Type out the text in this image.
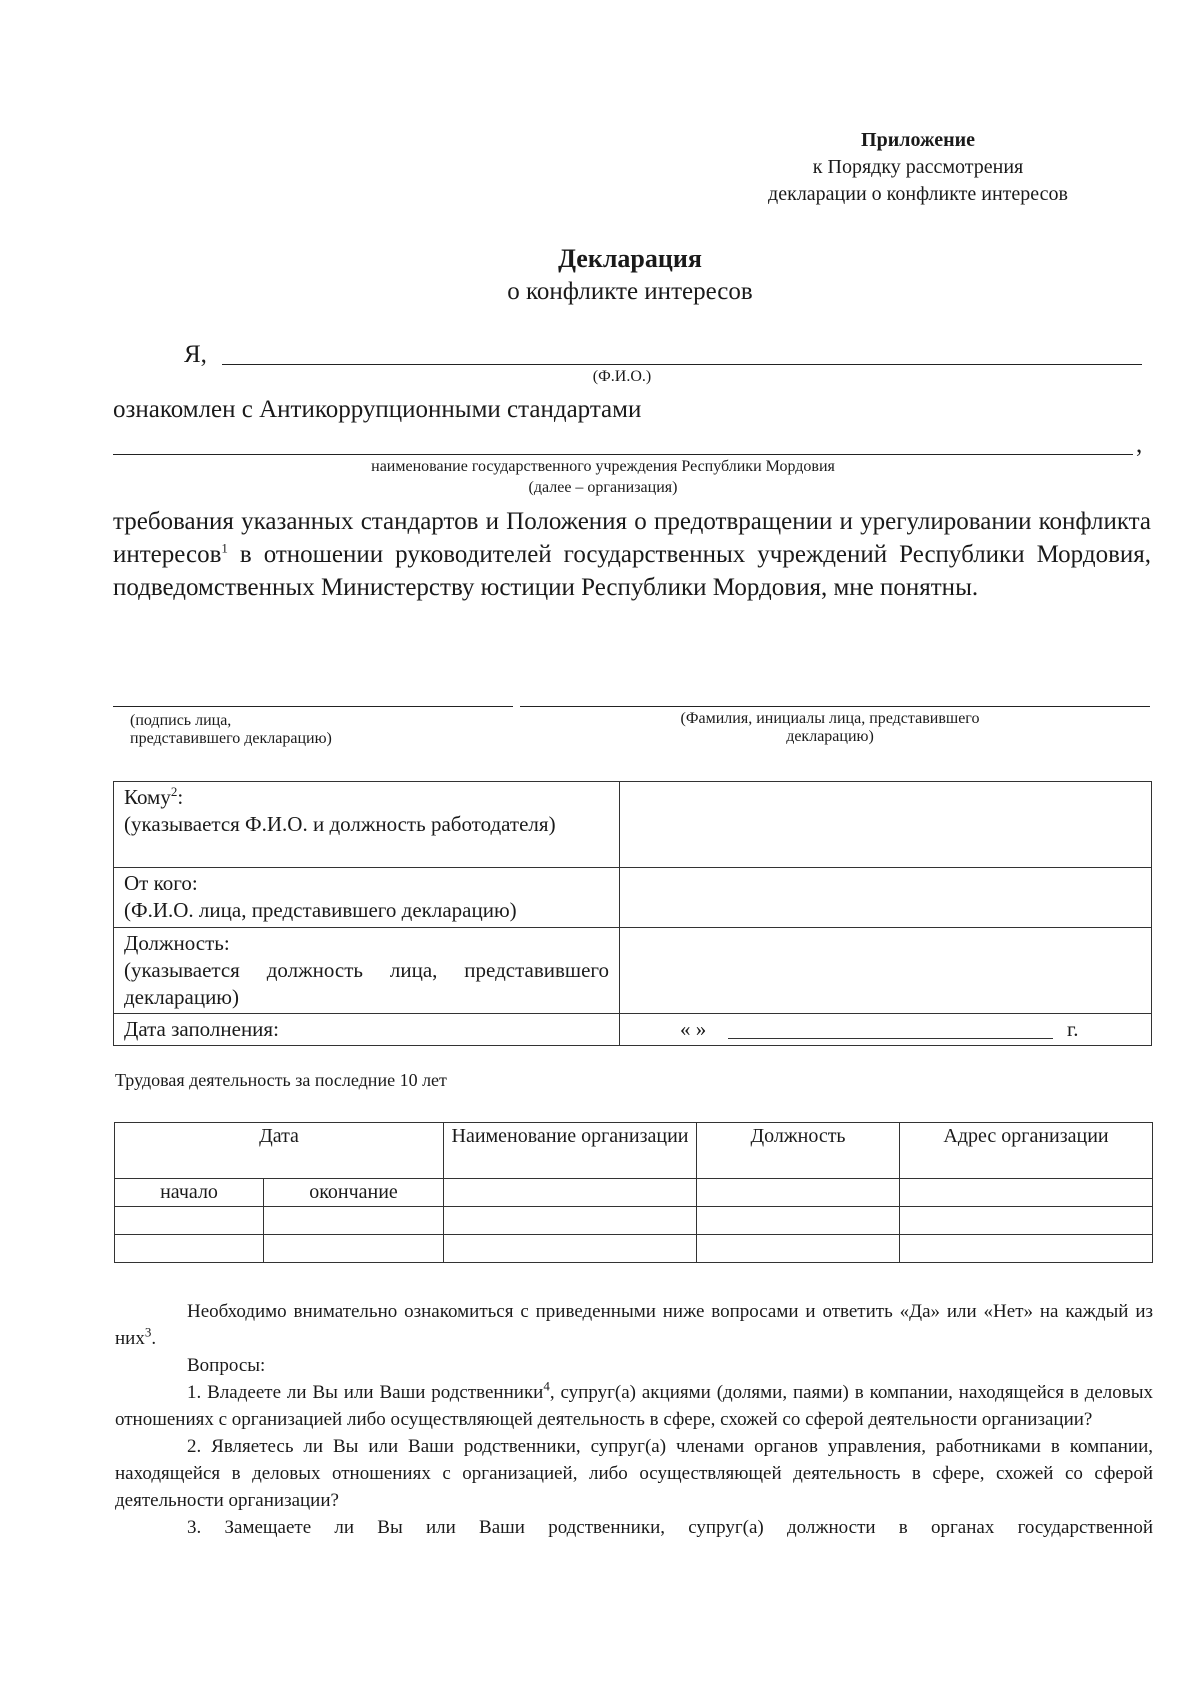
Приложение
к Порядку рассмотрения
декларации о конфликте интересов
Декларация
о конфликте интересов
Я,
(Ф.И.О.)
ознакомлен с Антикоррупционными стандартами
,
наименование государственного учреждения Республики Мордовия
(далее – организация)
требования указанных стандартов и Положения о предотвращении и урегулировании конфликта интересов$^1$ в отношении руководителей государственных учреждений Республики Мордовия, подведомственных Министерству юстиции Республики Мордовия, мне понятны.
(подпись лица,
представившего декларацию)
(Фамилия, инициалы лица, представившего
декларацию)
Кому$^2$:
(указывается Ф.И.О. и должность работодателя)	
От кого:
(Ф.И.О. лица, представившего декларацию)	
Должность:
(указывается должность лица, представившего декларацию)	
Дата заполнения:	« » г.
Трудовая деятельность за последние 10 лет
Дата		Наименование организации	Должность	Адрес организации
начало	окончание			

Необходимо внимательно ознакомиться с приведенными ниже вопросами и ответить «Да» или «Нет» на каждый из них$^3$.

Вопросы:

1. Владеете ли Вы или Ваши родственники$^4$, супруг(а) акциями (долями, паями) в компании, находящейся в деловых отношениях с организацией либо осуществляющей деятельность в сфере, схожей со сферой деятельности организации?

2. Являетесь ли Вы или Ваши родственники, супруг(а) членами органов управления, работниками в компании, находящейся в деловых отношениях с организацией, либо осуществляющей деятельность в сфере, схожей со сферой деятельности организации?

3. Замещаете ли Вы или Ваши родственники, супруг(а) должности в органах государственной
